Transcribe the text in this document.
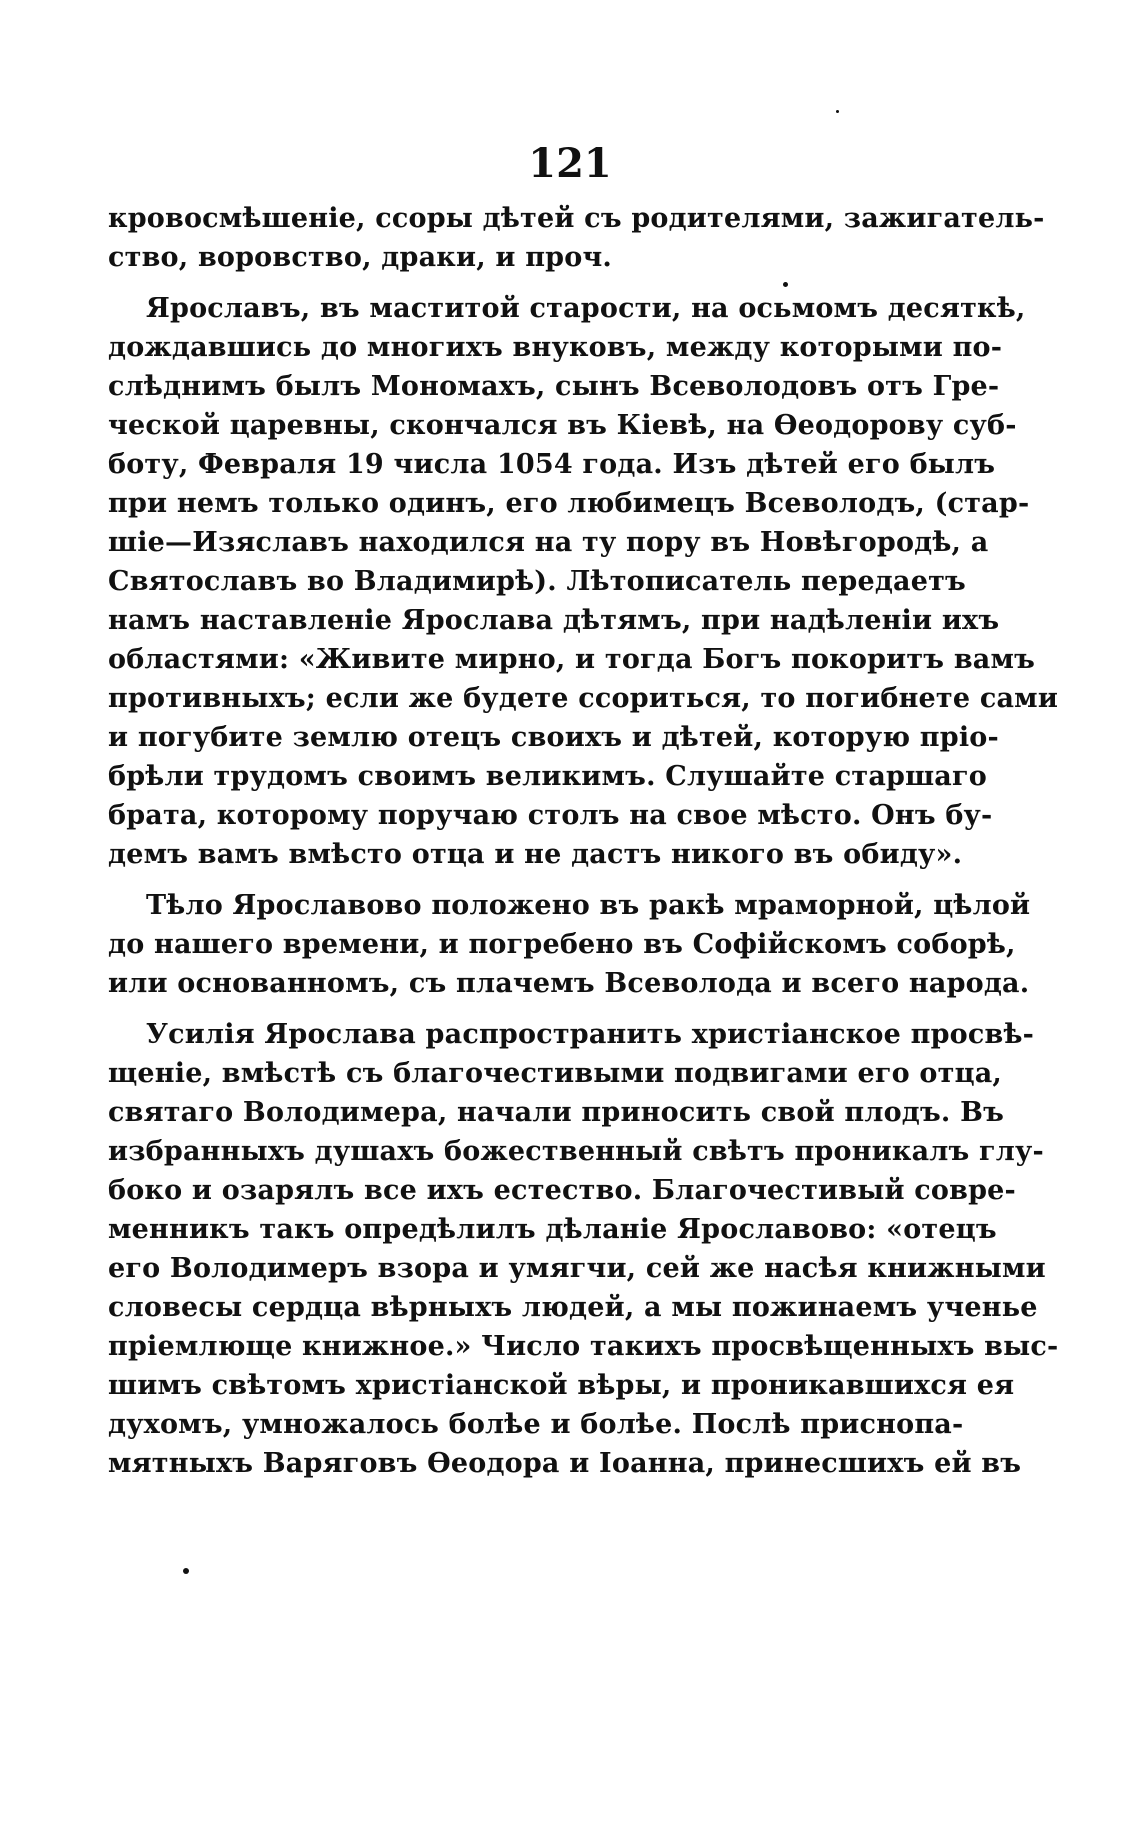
121

кровосмѣшеніе, ссоры дѣтей съ родителями, зажигатель-
ство, воровство, драки, и проч.

Ярославъ, въ маститой старости, на осьмомъ десяткѣ,
дождавшись до многихъ внуковъ, между которыми по-
слѣднимъ былъ Мономахъ, сынъ Всеволодовъ отъ Гре-
ческой царевны, скончался въ Кіевѣ, на Ѳеодорову суб-
боту, Февраля 19 числа 1054 года. Изъ дѣтей его былъ
при немъ только одинъ, его любимецъ Всеволодъ, (стар-
шіе—Изяславъ находился на ту пору въ Новѣгородѣ, а
Святославъ во Владимирѣ). Лѣтописатель передаетъ
намъ наставленіе Ярослава дѣтямъ, при надѣленіи ихъ
областями: «Живите мирно, и тогда Богъ покоритъ вамъ
противныхъ; если же будете ссориться, то погибнете сами
и погубите землю отецъ своихъ и дѣтей, которую пріо-
брѣли трудомъ своимъ великимъ. Слушайте старшаго
брата, которому поручаю столъ на свое мѣсто. Онъ бу-
демъ вамъ вмѣсто отца и не дастъ никого въ обиду».

Тѣло Ярославово положено въ ракѣ мраморной, цѣлой
до нашего времени, и погребено въ Софійскомъ соборѣ,
или основанномъ, съ плачемъ Всеволода и всего народа.

Усилія Ярослава распространить христіанское просвѣ-
щеніе, вмѣстѣ съ благочестивыми подвигами его отца,
святаго Володимера, начали приносить свой плодъ. Въ
избранныхъ душахъ божественный свѣтъ проникалъ глу-
боко и озарялъ все ихъ естество. Благочестивый совре-
менникъ такъ опредѣлилъ дѣланіе Ярославово: «отецъ
его Володимеръ взора и умягчи, сей же насѣя книжными
словесы сердца вѣрныхъ людей, а мы пожинаемъ ученье
пріемлюще книжное.» Число такихъ просвѣщенныхъ выс-
шимъ свѣтомъ христіанской вѣры, и проникавшихся ея
духомъ, умножалось болѣе и болѣе. Послѣ приснопа-
мятныхъ Варяговъ Ѳеодора и Іоанна, принесшихъ ей въ
